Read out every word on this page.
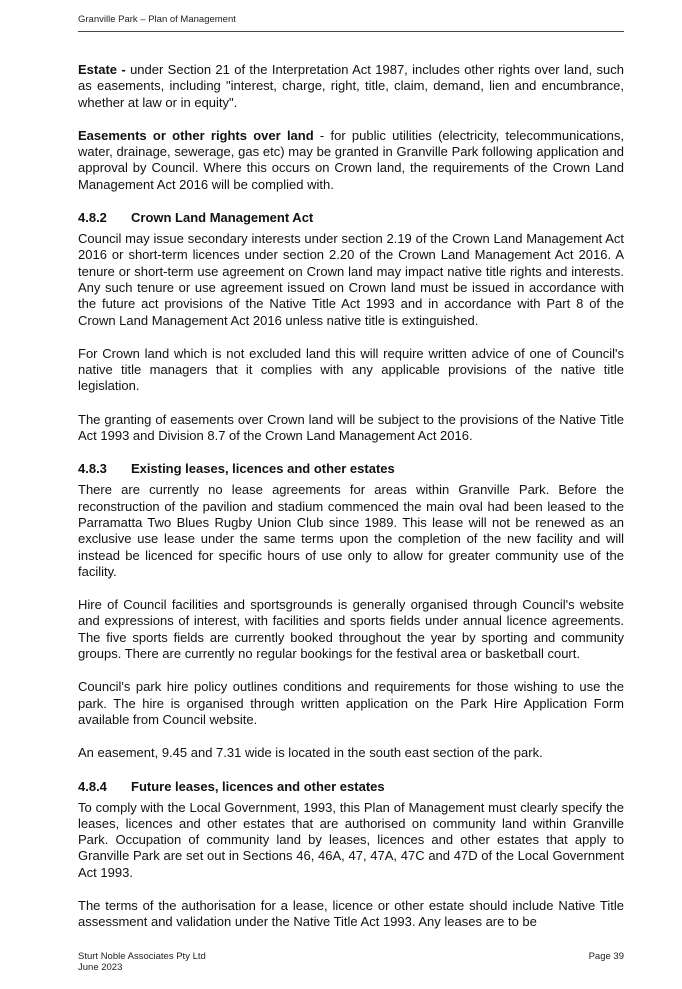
Granville Park – Plan of Management

Estate - under Section 21 of the Interpretation Act 1987, includes other rights over land, such as easements, including "interest, charge, right, title, claim, demand, lien and encumbrance, whether at law or in equity".

Easements or other rights over land - for public utilities (electricity, telecommunications, water, drainage, sewerage, gas etc) may be granted in Granville Park following application and approval by Council. Where this occurs on Crown land, the requirements of the Crown Land Management Act 2016 will be complied with.

4.8.2	Crown Land Management Act

Council may issue secondary interests under section 2.19 of the Crown Land Management Act 2016 or short-term licences under section 2.20 of the Crown Land Management Act 2016. A tenure or short-term use agreement on Crown land may impact native title rights and interests. Any such tenure or use agreement issued on Crown land must be issued in accordance with the future act provisions of the Native Title Act 1993 and in accordance with Part 8 of the Crown Land Management Act 2016 unless native title is extinguished.

For Crown land which is not excluded land this will require written advice of one of Council's native title managers that it complies with any applicable provisions of the native title legislation.

The granting of easements over Crown land will be subject to the provisions of the Native Title Act 1993 and Division 8.7 of the Crown Land Management Act 2016.

4.8.3	Existing leases, licences and other estates

There are currently no lease agreements for areas within Granville Park. Before the reconstruction of the pavilion and stadium commenced the main oval had been leased to the Parramatta Two Blues Rugby Union Club since 1989. This lease will not be renewed as an exclusive use lease under the same terms upon the completion of the new facility and will instead be licenced for specific hours of use only to allow for greater community use of the facility.

Hire of Council facilities and sportsgrounds is generally organised through Council's website and expressions of interest, with facilities and sports fields under annual licence agreements. The five sports fields are currently booked throughout the year by sporting and community groups. There are currently no regular bookings for the festival area or basketball court.

Council's park hire policy outlines conditions and requirements for those wishing to use the park. The hire is organised through written application on the Park Hire Application Form available from Council website.

An easement, 9.45 and 7.31 wide is located in the south east section of the park.

4.8.4	Future leases, licences and other estates

To comply with the Local Government, 1993, this Plan of Management must clearly specify the leases, licences and other estates that are authorised on community land within Granville Park. Occupation of community land by leases, licences and other estates that apply to Granville Park are set out in Sections 46, 46A, 47, 47A, 47C and 47D of the Local Government Act 1993.

The terms of the authorisation for a lease, licence or other estate should include Native Title assessment and validation under the Native Title Act 1993. Any leases are to be

Sturt Noble Associates Pty Ltd
June 2023
Page 39
